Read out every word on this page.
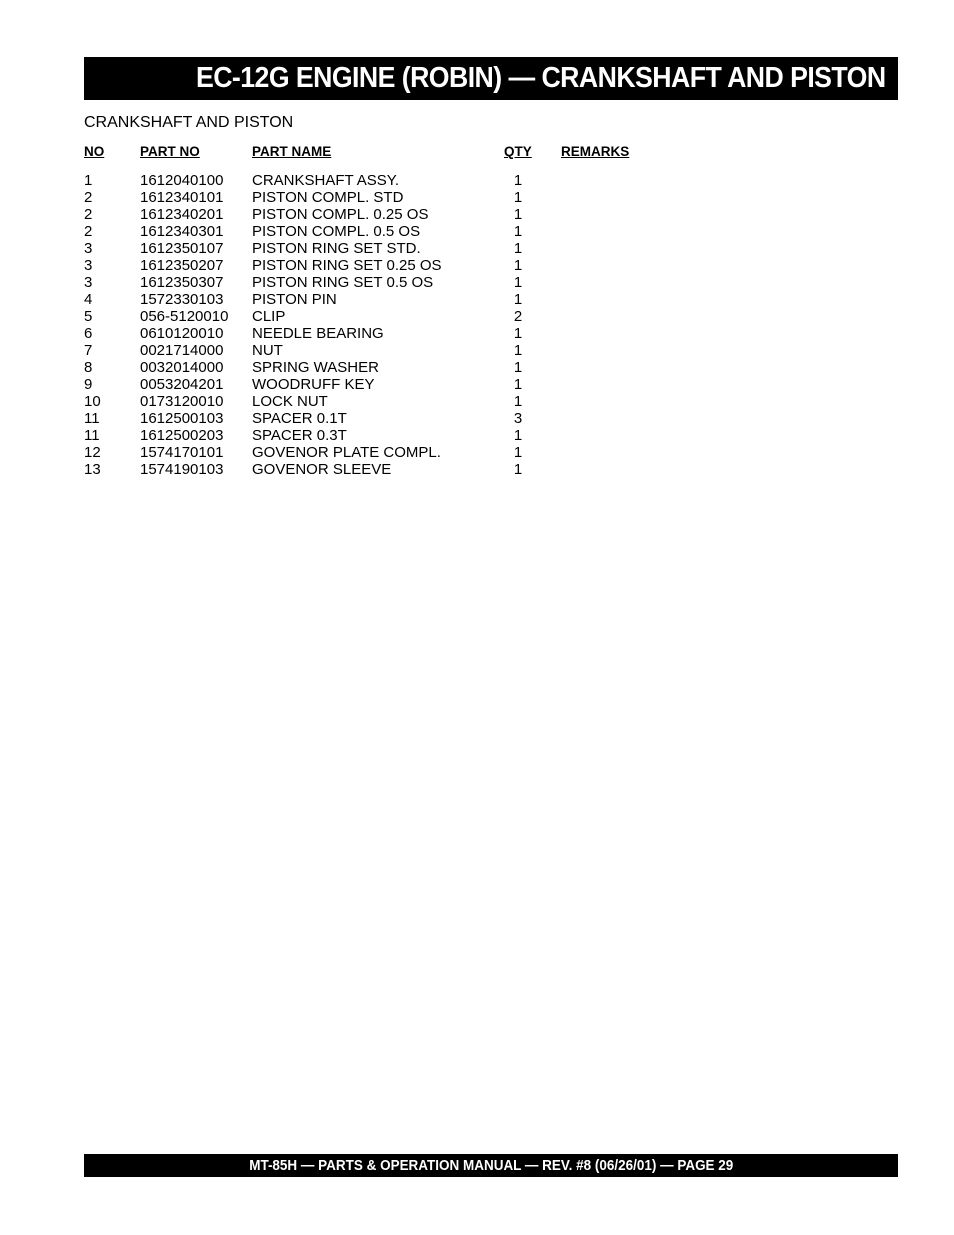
EC-12G ENGINE (ROBIN) — CRANKSHAFT AND PISTON
CRANKSHAFT AND PISTON
NO	PART NO	PART NAME	QTY REMARKS
1	1612040100 CRANKSHAFT ASSY.	1
2	1612340101 PISTON COMPL. STD	1
2	1612340201 PISTON COMPL. 0.25 OS	1
2	1612340301 PISTON COMPL. 0.5 OS	1
3	1612350107 PISTON RING SET STD.	1
3	1612350207 PISTON RING SET 0.25 OS	1
3	1612350307 PISTON RING SET 0.5 OS	1
4	1572330103 PISTON PIN	1
5	056-5120010 CLIP	2
6	0610120010 NEEDLE BEARING	1
7	0021714000 NUT	1
8	0032014000 SPRING WASHER	1
9	0053204201 WOODRUFF KEY	1
10	0173120010 LOCK NUT	1
11	1612500103 SPACER 0.1T	3
11	1612500203 SPACER 0.3T	1
12	1574170101 GOVENOR PLATE COMPL.	1
13	1574190103 GOVENOR SLEEVE	1
MT-85H — PARTS & OPERATION MANUAL — REV. #8 (06/26/01) — PAGE 29
